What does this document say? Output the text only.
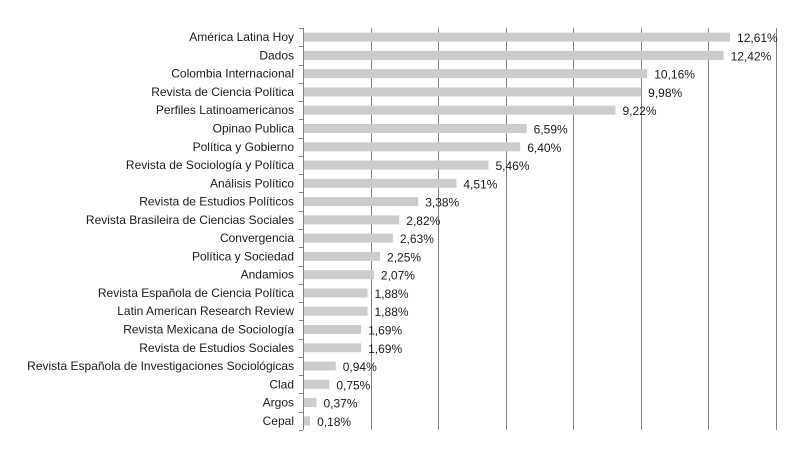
América Latina Hoy
Dados
Colombia Internacional
Revista de Ciencia Política
Perfiles Latinoamericanos
Opinao Publica
Política y Gobierno
Revista de Sociología y Política
Análisis Político
Revista de Estudios Políticos
Revista Brasileira de Ciencias Sociales
Convergencia
Política y Sociedad
Andamios
Revista Española de Ciencia Política
Latin American Research Review
Revista Mexicana de Sociología
Revista de Estudios Sociales
Revista Española de Investigaciones Sociológicas
Clad
Argos
Cepal
12,61%
12,42%
10,16%
9,98%
9,22%
6,59%
6,40%
5,46%
4,51%
3,38%
2,82%
2,63%
2,25%
2,07%
1,88%
1,88%
1,69%
1,69%
0,94%
0,75%
0,37%
0,18%
